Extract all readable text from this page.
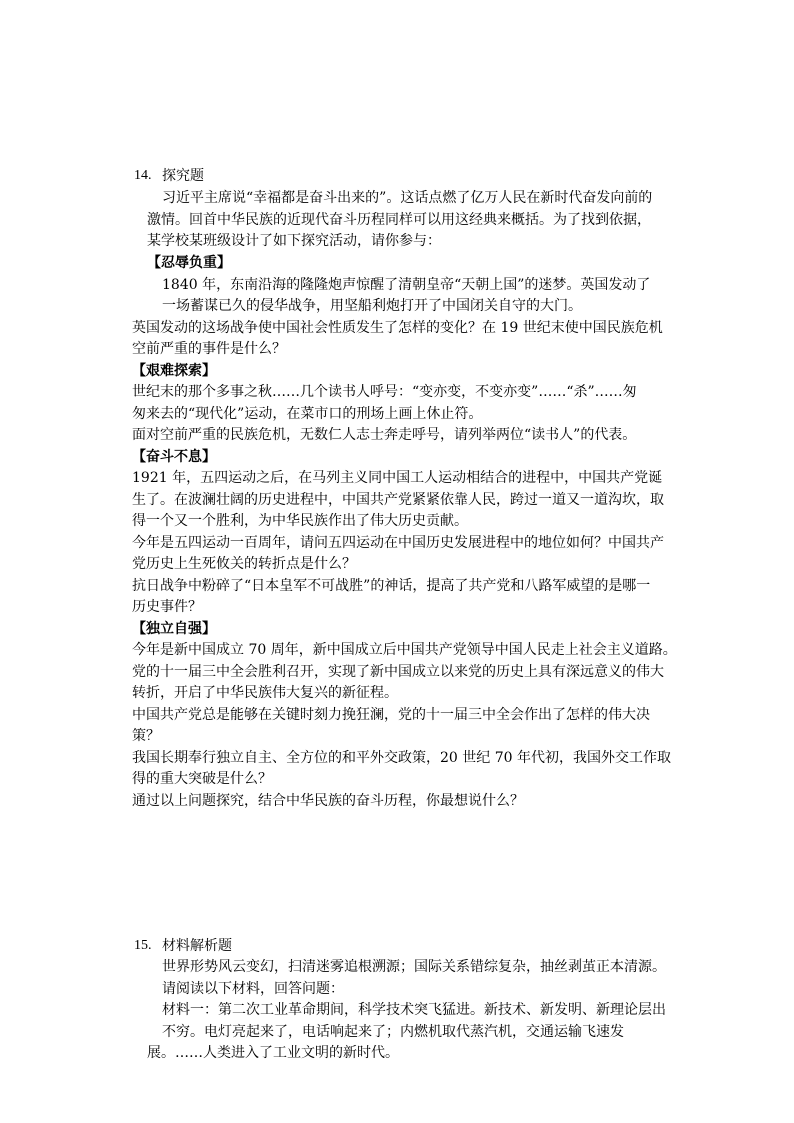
14. 探究题
习近平主席说“幸福都是奋斗出来的”。这话点燃了亿万人民在新时代奋发向前的
激情。回首中华民族的近现代奋斗历程同样可以用这经典来概括。为了找到依据，
某学校某班级设计了如下探究活动，请你参与：
【忍辱负重】
1840 年，东南沿海的隆隆炮声惊醒了清朝皇帝“天朝上国”的迷梦。英国发动了
一场蓄谋已久的侵华战争，用坚船利炮打开了中国闭关自守的大门。
英国发动的这场战争使中国社会性质发生了怎样的变化？在 19 世纪末使中国民族危机
空前严重的事件是什么？
【艰难探索】
世纪末的那个多事之秋……几个读书人呼号：“变亦变，不变亦变”……“杀”……匆
匆来去的“现代化”运动，在菜市口的刑场上画上休止符。
面对空前严重的民族危机，无数仁人志士奔走呼号，请列举两位“读书人”的代表。
【奋斗不息】
1921 年，五四运动之后，在马列主义同中国工人运动相结合的进程中，中国共产党诞
生了。在波澜壮阔的历史进程中，中国共产党紧紧依靠人民，跨过一道又一道沟坎，取
得一个又一个胜利，为中华民族作出了伟大历史贡献。
今年是五四运动一百周年，请问五四运动在中国历史发展进程中的地位如何？中国共产
党历史上生死攸关的转折点是什么？
抗日战争中粉碎了“日本皇军不可战胜”的神话，提高了共产党和八路军威望的是哪一
历史事件？
【独立自强】
今年是新中国成立 70 周年，新中国成立后中国共产党领导中国人民走上社会主义道路。
党的十一届三中全会胜利召开，实现了新中国成立以来党的历史上具有深远意义的伟大
转折，开启了中华民族伟大复兴的新征程。
中国共产党总是能够在关键时刻力挽狂澜，党的十一届三中全会作出了怎样的伟大决
策？
我国长期奉行独立自主、全方位的和平外交政策，20 世纪 70 年代初，我国外交工作取
得的重大突破是什么？
通过以上问题探究，结合中华民族的奋斗历程，你最想说什么？
15. 材料解析题
世界形势风云变幻，扫清迷雾追根溯源；国际关系错综复杂，抽丝剥茧正本清源。
请阅读以下材料，回答问题：
材料一：第二次工业革命期间，科学技术突飞猛进。新技术、新发明、新理论层出
不穷。电灯亮起来了，电话响起来了；内燃机取代蒸汽机，交通运输飞速发
展。……人类进入了工业文明的新时代。
